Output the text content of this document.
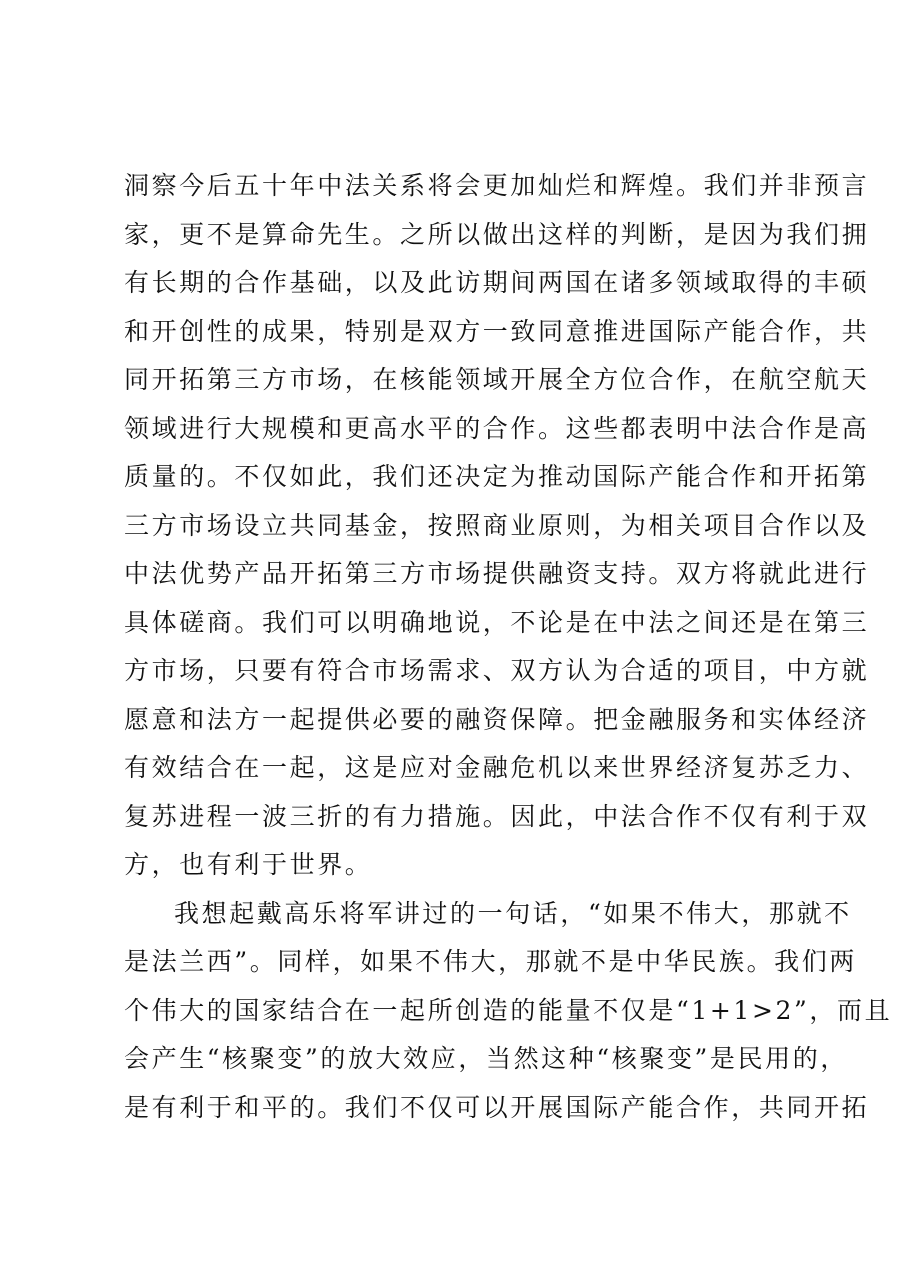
洞察今后五十年中法关系将会更加灿烂和辉煌。我们并非预言
家，更不是算命先生。之所以做出这样的判断，是因为我们拥
有长期的合作基础，以及此访期间两国在诸多领域取得的丰硕
和开创性的成果，特别是双方一致同意推进国际产能合作，共
同开拓第三方市场，在核能领域开展全方位合作，在航空航天
领域进行大规模和更高水平的合作。这些都表明中法合作是高
质量的。不仅如此，我们还决定为推动国际产能合作和开拓第
三方市场设立共同基金，按照商业原则，为相关项目合作以及
中法优势产品开拓第三方市场提供融资支持。双方将就此进行
具体磋商。我们可以明确地说，不论是在中法之间还是在第三
方市场，只要有符合市场需求、双方认为合适的项目，中方就
愿意和法方一起提供必要的融资保障。把金融服务和实体经济
有效结合在一起，这是应对金融危机以来世界经济复苏乏力、
复苏进程一波三折的有力措施。因此，中法合作不仅有利于双
方，也有利于世界。
我想起戴高乐将军讲过的一句话，“如果不伟大，那就不
是法兰西”。同样，如果不伟大，那就不是中华民族。我们两
个伟大的国家结合在一起所创造的能量不仅是“1+1>2”，而且
会产生“核聚变”的放大效应，当然这种“核聚变”是民用的，
是有利于和平的。我们不仅可以开展国际产能合作，共同开拓
